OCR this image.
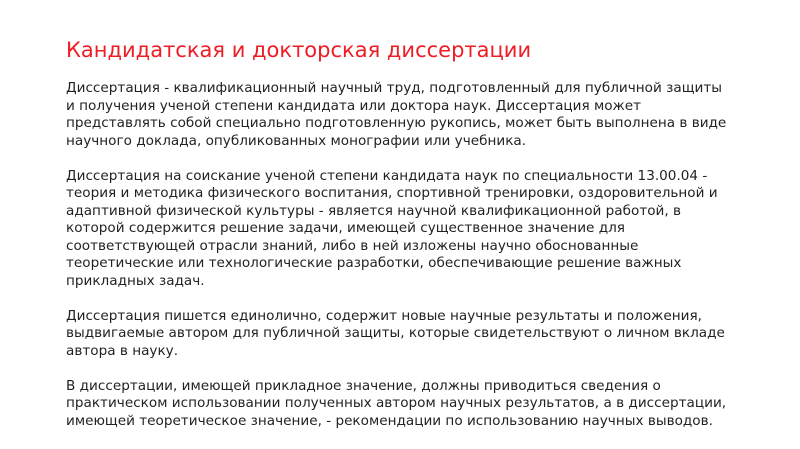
Кандидатская и докторская диссертации

Диссертация - квалификационный научный труд, подготовленный для публичной защиты
и получения ученой степени кандидата или доктора наук. Диссертация может
представлять собой специально подготовленную рукопись, может быть выполнена в виде
научного доклада, опубликованных монографии или учебника.

Диссертация на соискание ученой степени кандидата наук по специальности 13.00.04 -
теория и методика физического воспитания, спортивной тренировки, оздоровительной и
адаптивной физической культуры - является научной квалификационной работой, в
которой содержится решение задачи, имеющей существенное значение для
соответствующей отрасли знаний, либо в ней изложены научно обоснованные
теоретические или технологические разработки, обеспечивающие решение важных
прикладных задач.

Диссертация пишется единолично, содержит новые научные результаты и положения,
выдвигаемые автором для публичной защиты, которые свидетельствуют о личном вкладе
автора в науку.

В диссертации, имеющей прикладное значение, должны приводиться сведения о
практическом использовании полученных автором научных результатов, а в диссертации,
имеющей теоретическое значение, - рекомендации по использованию научных выводов.
